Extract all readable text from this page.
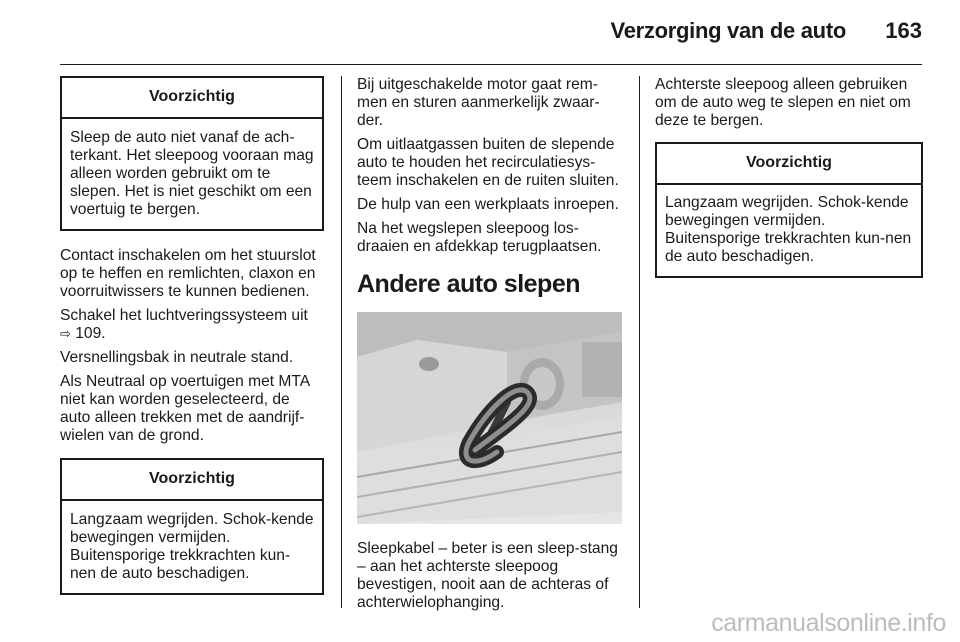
Verzorging van de auto 163
Voorzichtig
Sleep de auto niet vanaf de ach-terkant. Het sleepoog vooraan mag alleen worden gebruikt om te slepen. Het is niet geschikt om een voertuig te bergen.

Contact inschakelen om het stuurslot op te heffen en remlichten, claxon en voorruitwissers te kunnen bedienen.

Schakel het luchtveringssysteem uit
⇨ 109.

Versnellingsbak in neutrale stand.

Als Neutraal op voertuigen met MTA niet kan worden geselecteerd, de auto alleen trekken met de aandrijf-wielen van de grond.

Voorzichtig
Langzaam wegrijden. Schok-kende bewegingen vermijden. Buitensporige trekkrachten kun-nen de auto beschadigen.

Bij uitgeschakelde motor gaat rem-men en sturen aanmerkelijk zwaar-der.

Om uitlaatgassen buiten de slepende auto te houden het recirculatiesys-teem inschakelen en de ruiten sluiten.

De hulp van een werkplaats inroepen.

Na het wegslepen sleepoog los-draaien en afdekkap terugplaatsen.

Andere auto slepen

Sleepkabel – beter is een sleep-stang – aan het achterste sleepoog bevestigen, nooit aan de achteras of achterwielophanging.

Achterste sleepoog alleen gebruiken om de auto weg te slepen en niet om deze te bergen.

Voorzichtig
Langzaam wegrijden. Schok-kende bewegingen vermijden. Buitensporige trekkrachten kun-nen de auto beschadigen.
carmanualsonline.info
